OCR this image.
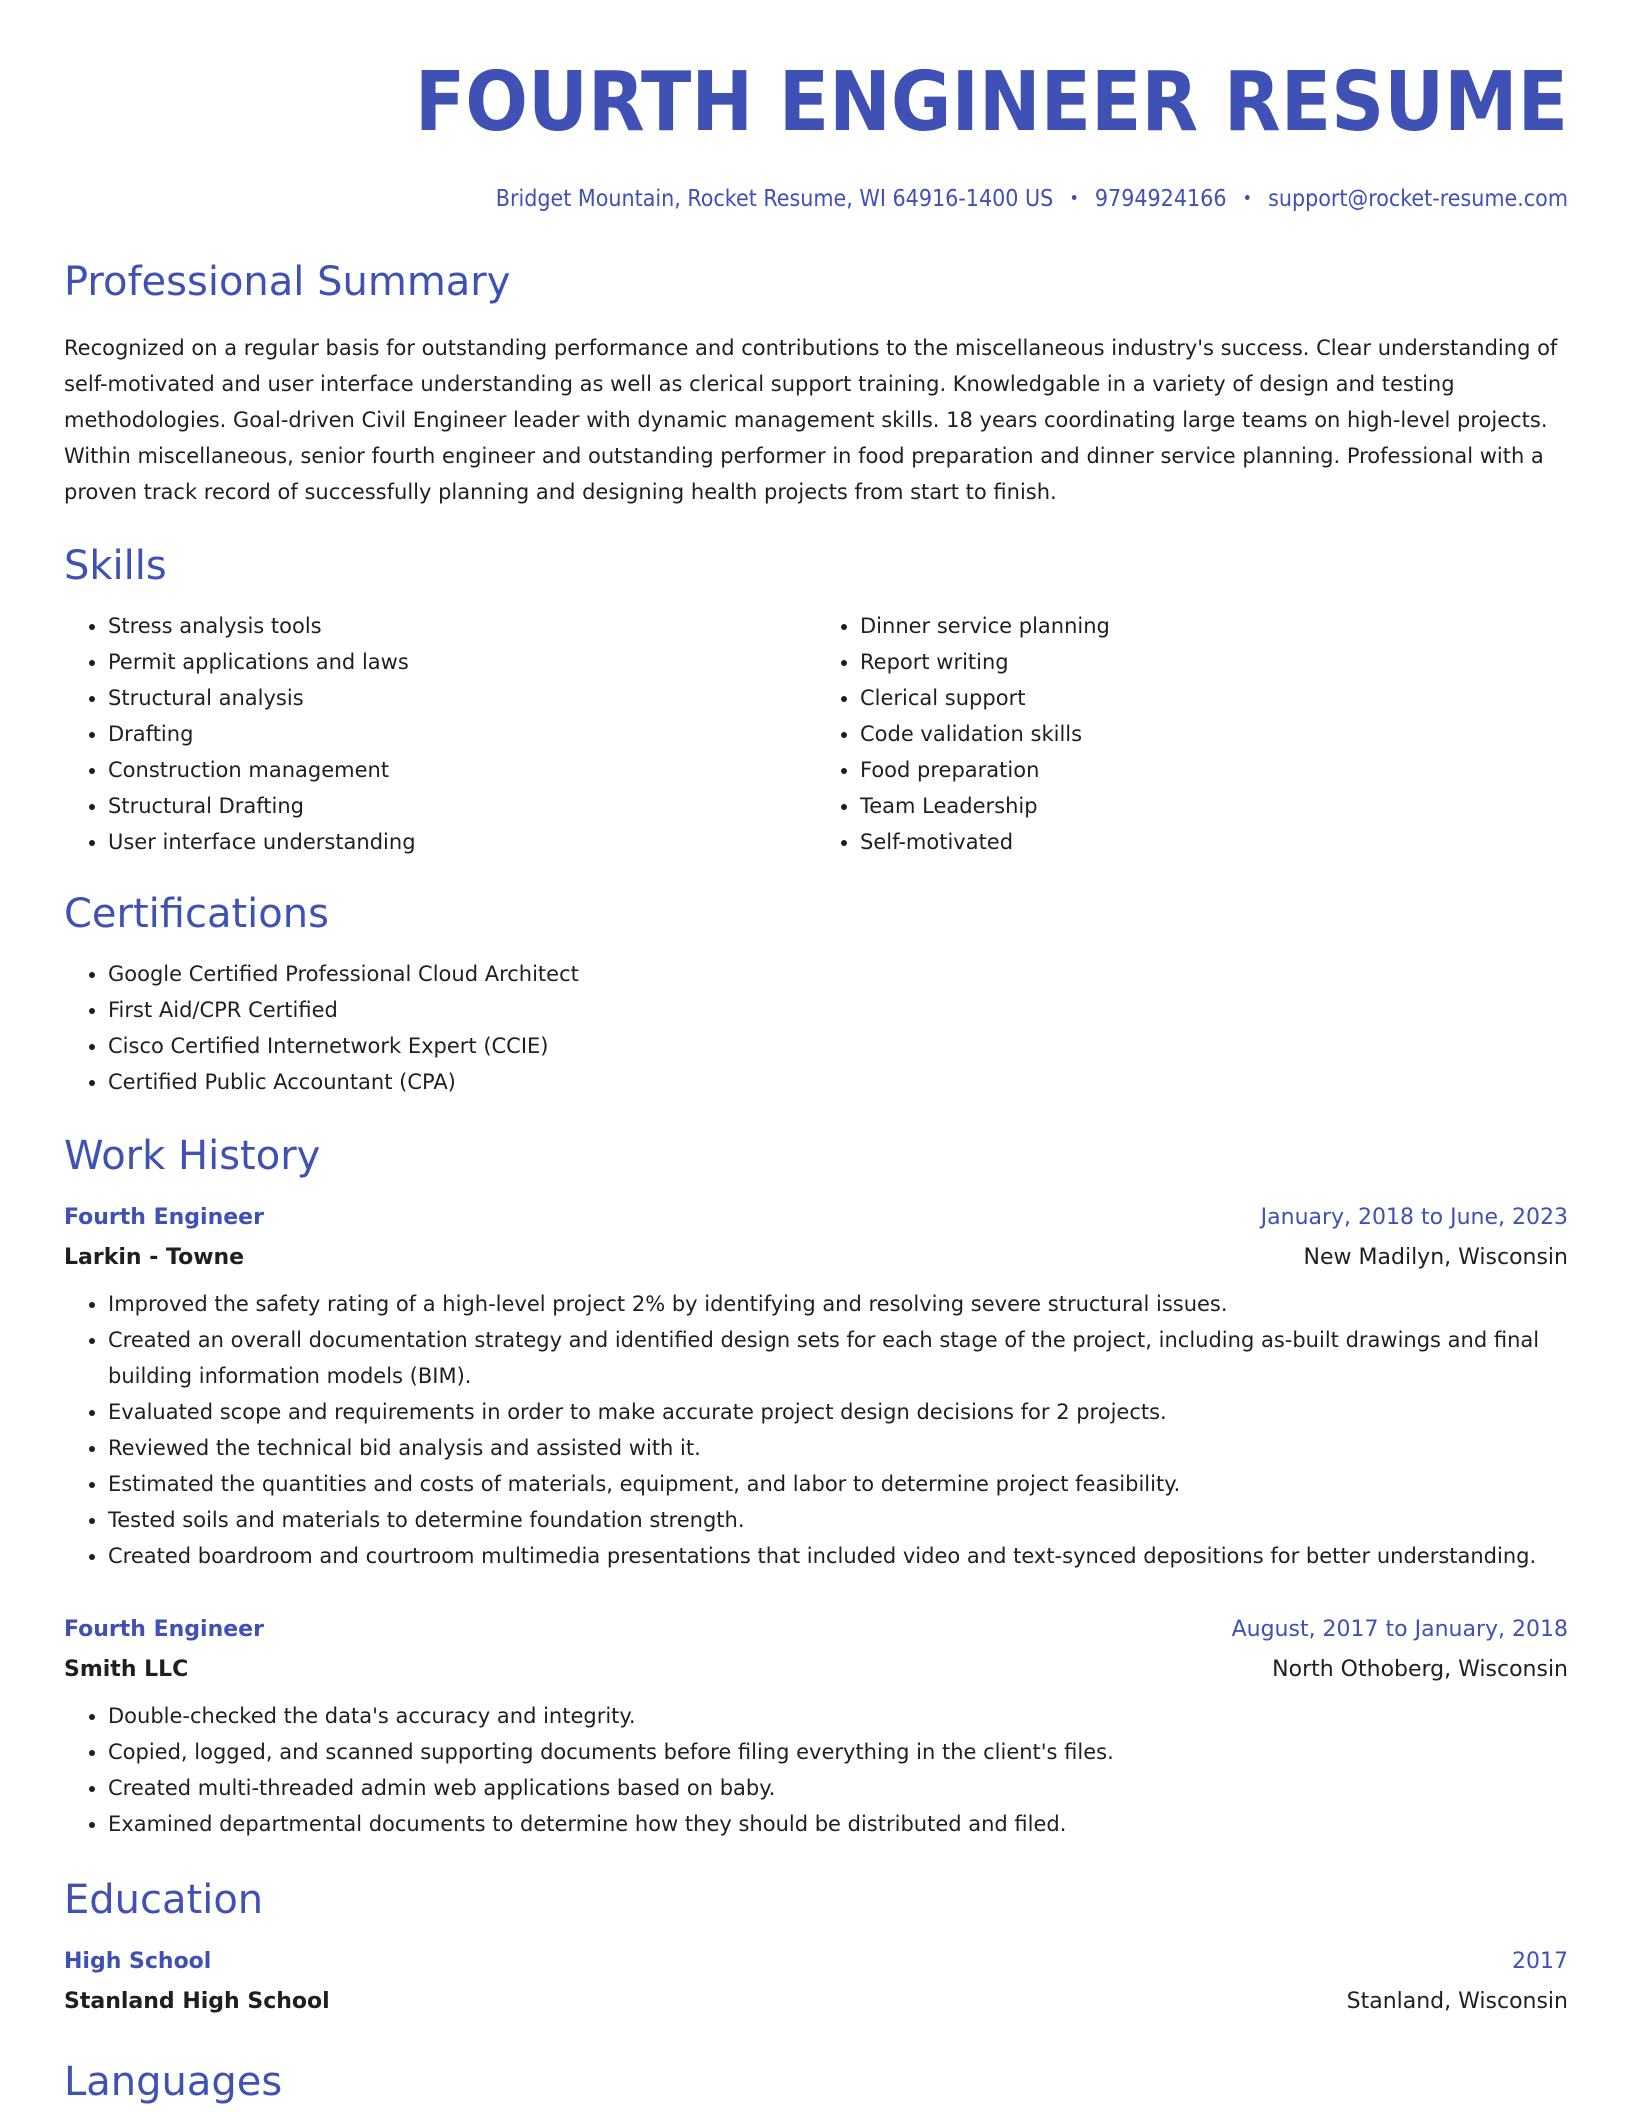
FOURTH ENGINEER RESUME
Bridget Mountain, Rocket Resume, WI 64916-1400 US • 9794924166 • support@rocket-resume.com
Professional Summary
Recognized on a regular basis for outstanding performance and contributions to the miscellaneous industry's success. Clear understanding of self-motivated and user interface understanding as well as clerical support training. Knowledgable in a variety of design and testing methodologies. Goal-driven Civil Engineer leader with dynamic management skills. 18 years coordinating large teams on high-level projects. Within miscellaneous, senior fourth engineer and outstanding performer in food preparation and dinner service planning. Professional with a proven track record of successfully planning and designing health projects from start to finish.
Skills
• Stress analysis tools
• Permit applications and laws
• Structural analysis
• Drafting
• Construction management
• Structural Drafting
• User interface understanding
• Dinner service planning
• Report writing
• Clerical support
• Code validation skills
• Food preparation
• Team Leadership
• Self-motivated
Certifications
• Google Certified Professional Cloud Architect
• First Aid/CPR Certified
• Cisco Certified Internetwork Expert (CCIE)
• Certified Public Accountant (CPA)
Work History
Fourth Engineer	January, 2018 to June, 2023
Larkin - Towne	New Madilyn, Wisconsin
• Improved the safety rating of a high-level project 2% by identifying and resolving severe structural issues.
• Created an overall documentation strategy and identified design sets for each stage of the project, including as-built drawings and final building information models (BIM).
• Evaluated scope and requirements in order to make accurate project design decisions for 2 projects.
• Reviewed the technical bid analysis and assisted with it.
• Estimated the quantities and costs of materials, equipment, and labor to determine project feasibility.
• Tested soils and materials to determine foundation strength.
• Created boardroom and courtroom multimedia presentations that included video and text-synced depositions for better understanding.
Fourth Engineer	August, 2017 to January, 2018
Smith LLC	North Othoberg, Wisconsin
• Double-checked the data's accuracy and integrity.
• Copied, logged, and scanned supporting documents before filing everything in the client's files.
• Created multi-threaded admin web applications based on baby.
• Examined departmental documents to determine how they should be distributed and filed.
Education
High School	2017
Stanland High School	Stanland, Wisconsin
Languages
